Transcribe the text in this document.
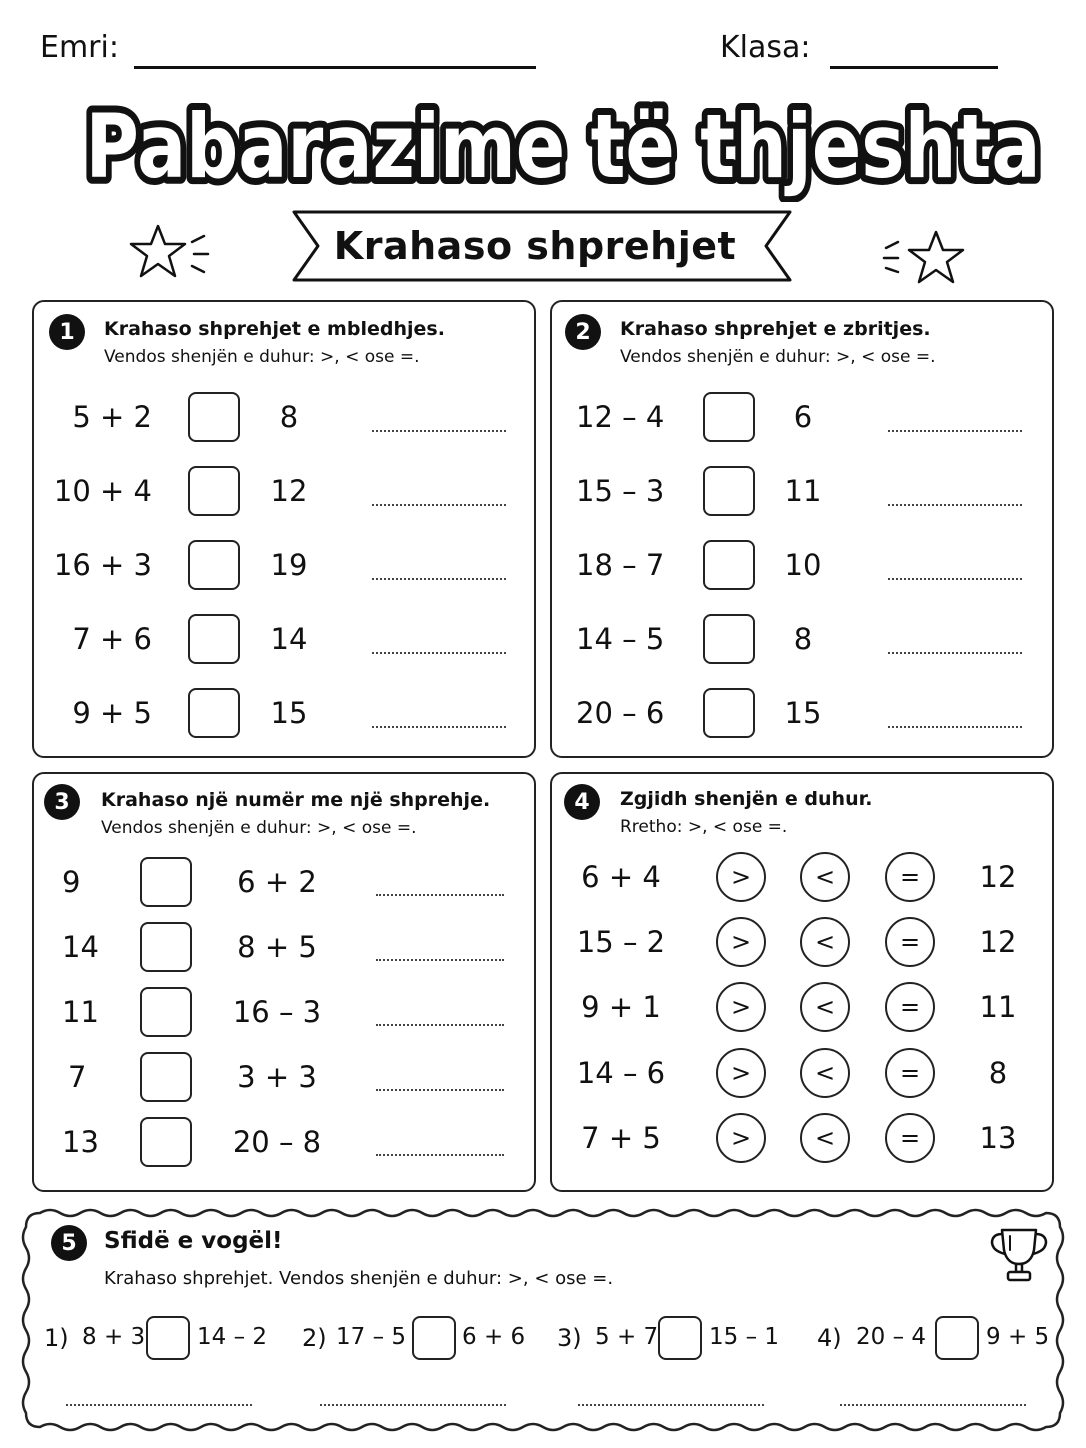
Emri:	Klasa:
Pabarazime të thjeshta
Krahaso shprehjet
1	Krahaso shprehjet e mbledhjes.
Vendos shenjën e duhur: >, < ose =.
5 + 2	8
10 + 4	12
16 + 3	19
7 + 6	14
9 + 5	15
2	Krahaso shprehjet e zbritjes.
Vendos shenjën e duhur: >, < ose =.
12 – 4	6
15 – 3	11
18 – 7	10
14 – 5	8
20 – 6	15
3	Krahaso një numër me një shprehje.
Vendos shenjën e duhur: >, < ose =.
9	6 + 2
14	8 + 5
11	16 – 3
7	3 + 3
13	20 – 8
4	Zgjidh shenjën e duhur.
Rretho: >, < ose =.
6 + 4	>	<	=	12
15 – 2	>	<	=	12
9 + 1	>	<	=	11
14 – 6	>	<	=	8
7 + 5	>	<	=	13
5	Sfidë e vogël!
Krahaso shprehjet. Vendos shenjën e duhur: >, < ose =.
1) 8 + 3 14 – 2 2) 17 – 5 6 + 6 3) 5 + 7 15 – 1 4) 20 – 4	9 + 5
